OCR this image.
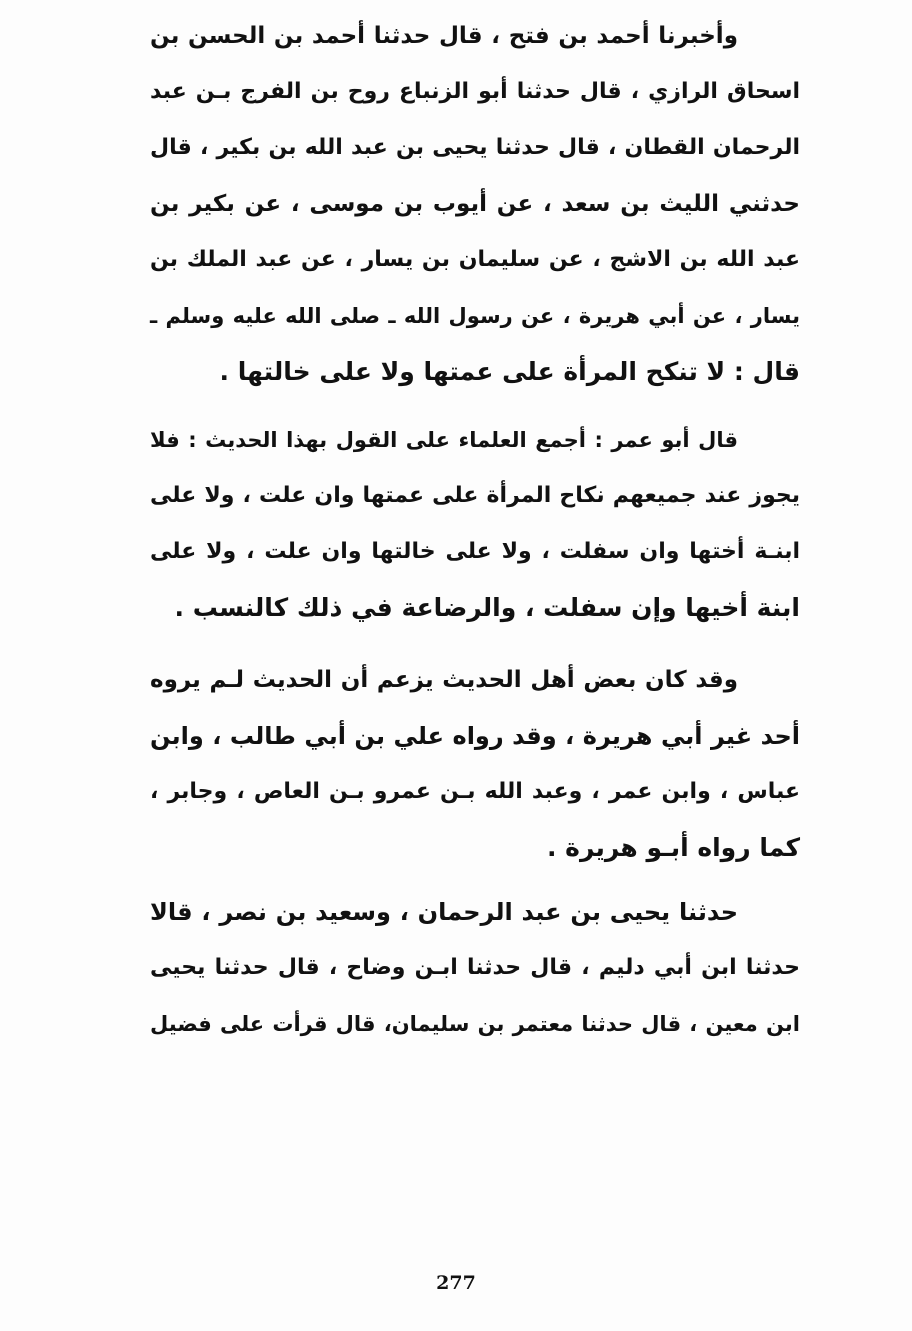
وأخبرنا أحمد بن فتح ، قال حدثنا أحمد بن الحسن بن
اسحاق الرازي ، قال حدثنا أبو الزنباع روح بن الفرج بـن عبد
الرحمان القطان ، قال حدثنا يحيى بن عبد الله بن بكير ، قال
حدثني الليث بن سعد ، عن أيوب بن موسى ، عن بكير بن
عبد الله بن الاشج ، عن سليمان بن يسار ، عن عبد الملك بن
يسار ، عن أبي هريرة ، عن رسول الله ـ صلى الله عليه وسلم ـ
قال : لا تنكح المرأة على عمتها ولا على خالتها .
قال أبو عمر : أجمع العلماء على القول بهذا الحديث : فلا
يجوز عند جميعهم نكاح المرأة على عمتها وان علت ، ولا على
ابنـة أختها وان سفلت ، ولا على خالتها وان علت ، ولا على
ابنة أخيها وإن سفلت ، والرضاعة في ذلك كالنسب .
وقد كان بعض أهل الحديث يزعم أن الحديث لـم يروه
أحد غير أبي هريرة ، وقد رواه علي بن أبي طالب ، وابن
عباس ، وابن عمر ، وعبد الله بـن عمرو بـن العاص ، وجابر ،
كما رواه أبـو هريرة .
حدثنا يحيى بن عبد الرحمان ، وسعيد بن نصر ، قالا
حدثنا ابن أبي دليم ، قال حدثنا ابـن وضاح ، قال حدثنا يحيى
ابن معين ، قال حدثنا معتمر بن سليمان، قال قرأت على فضيل
277
